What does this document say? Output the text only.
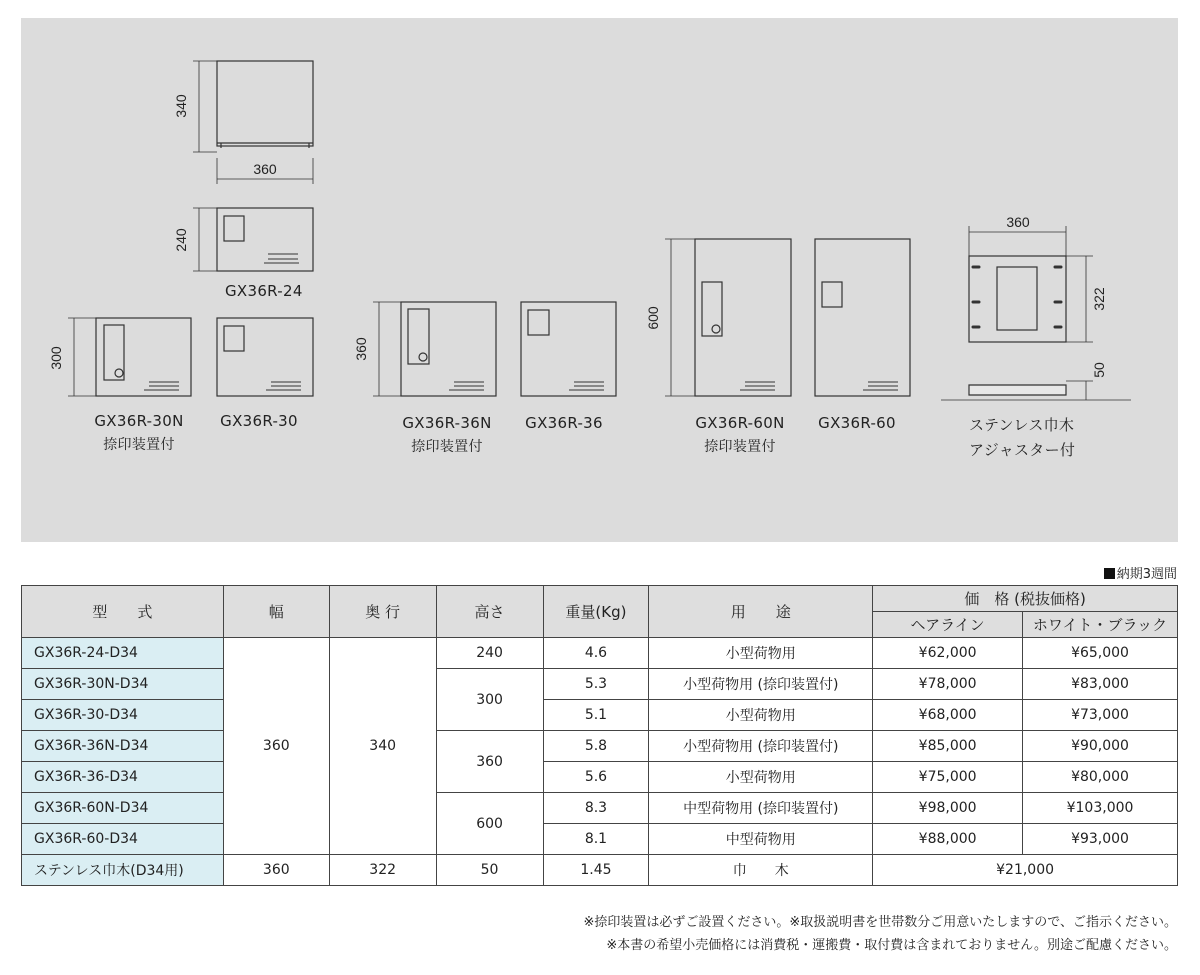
340
360
240
300	360
600
360
322
50
GX36R-24
GX36R-30N
捺印装置付
GX36R-30	GX36R-36N
捺印装置付
GX36R-36	GX36R-60N
捺印装置付
GX36R-60	ステンレス巾木
アジャスター付
納期3週間
型　　式	幅	奥 行	高さ	重量(Kg)	用　　途	価　格 (税抜価格)	
						ヘアライン	ホワイト・ブラック
GX36R-24-D34	360	340	240	4.6	小型荷物用	¥62,000	¥65,000
GX36R-30N-D34			300	5.3	小型荷物用 (捺印装置付)	¥78,000	¥83,000
GX36R-30-D34				5.1	小型荷物用	¥68,000	¥73,000
GX36R-36N-D34			360	5.8	小型荷物用 (捺印装置付)	¥85,000	¥90,000
GX36R-36-D34				5.6	小型荷物用	¥75,000	¥80,000
GX36R-60N-D34			600	8.3	中型荷物用 (捺印装置付)	¥98,000	¥103,000
GX36R-60-D34				8.1	中型荷物用	¥88,000	¥93,000
ステンレス巾木(D34用)	360	322	50	1.45	巾　　木	¥21,000	
※捺印装置は必ずご設置ください。※取扱説明書を世帯数分ご用意いたしますので、ご指示ください。
※本書の希望小売価格には消費税・運搬費・取付費は含まれておりません。別途ご配慮ください。
